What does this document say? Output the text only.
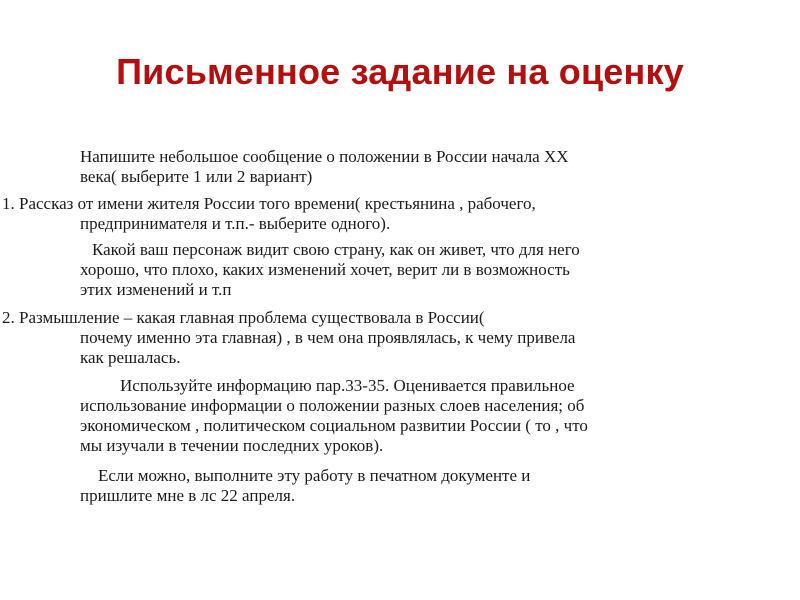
Письменное задание на оценку
Напишите небольшое сообщение о положении в России начала XX
века( выберите 1 или 2 вариант)
1. Рассказ от имени жителя России того времени( крестьянина , рабочего,
предпринимателя и т.п.- выберите одного).
Какой ваш персонаж видит свою страну, как он живет, что для него
хорошо, что плохо, каких изменений хочет, верит ли в возможность
этих изменений и т.п
2. Размышление – какая главная проблема существовала в России(
почему именно эта главная) , в чем она проявлялась, к чему привела
как решалась.
Используйте информацию пар.33-35. Оценивается правильное
использование информации о положении разных слоев населения; об
экономическом , политическом социальном развитии России ( то , что
мы изучали в течении последних уроков).
Если можно, выполните эту работу в печатном документе и
пришлите мне в лс 22 апреля.
